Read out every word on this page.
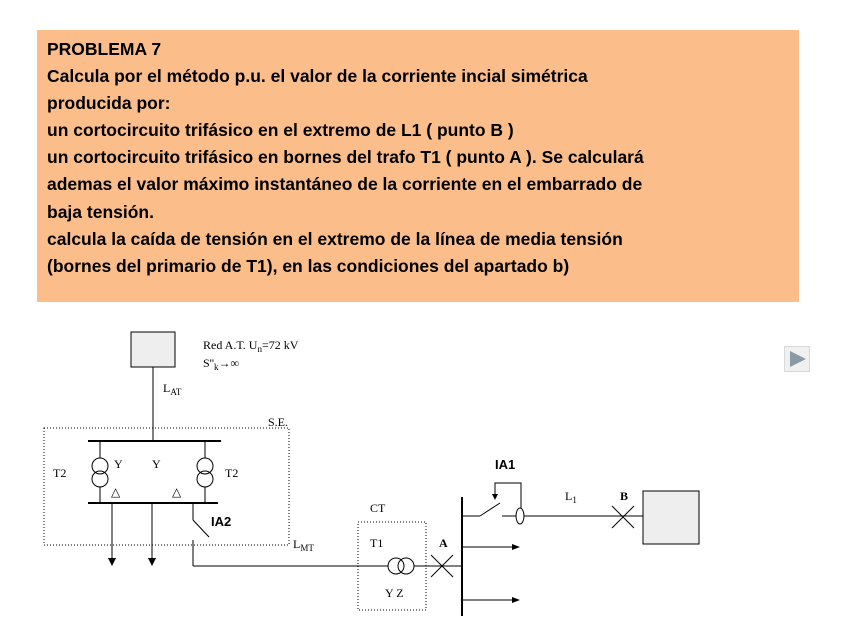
PROBLEMA 7
Calcula por el método p.u. el valor de la corriente incial simétrica
producida por:
un cortocircuito trifásico en el extremo de L1 ( punto B )
un cortocircuito trifásico en bornes del trafo T1 ( punto A ). Se calculará
ademas el valor máximo instantáneo de la corriente en el embarrado de
baja tensión.
calcula la caída de tensión en el extremo de la línea de media tensión
(bornes del primario de T1), en las condiciones del apartado b)
Red A.T. $U_n=72$ kV
$S''_k\to\infty$
$L_{AT}$
S.E.
T2	T2
Y Y
△	△
$L_{MT}$
CT
T1
Y Z
$L_1$
A
B
IA2
IA1
